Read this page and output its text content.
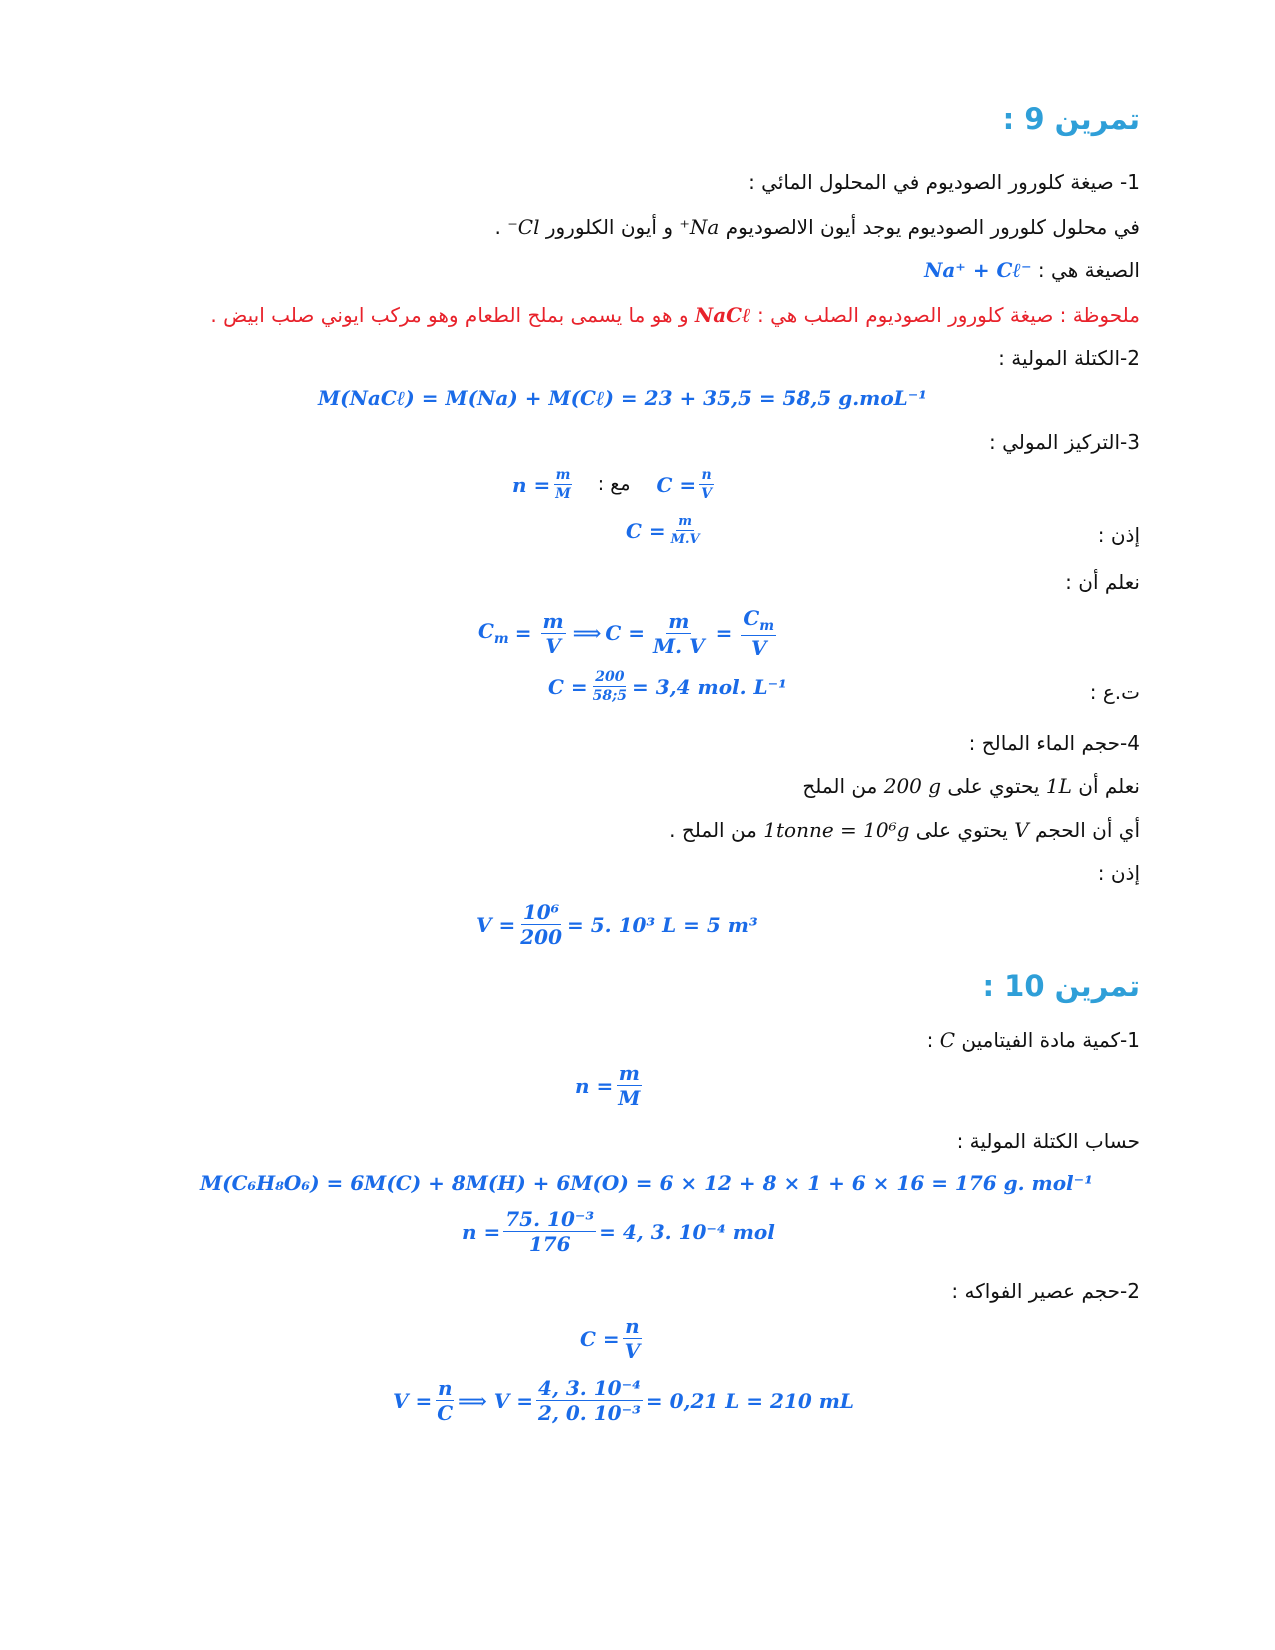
تمرين 9 :
1- صيغة كلورور الصوديوم في المحلول المائي :
في محلول كلورور الصوديوم يوجد أيون الالصوديوم Na⁺ و أيون الكلورور Cl⁻ .
الصيغة هي : Na⁺ + Cℓ⁻
ملحوظة : صيغة كلورور الصوديوم الصلب هي : NaCℓ و هو ما يسمى بملح الطعام وهو مركب ايوني صلب ابيض .
2-الكتلة المولية :
M(NaCℓ) = M(Na) + M(Cℓ) = 23 + 35,5 = 58,5 g.moL⁻¹
3-التركيز المولي :
$n = \frac{m}{M}$ مع : $C = \frac{n}{V}$
إذن :
$C = \frac{m}{M.V}$
نعلم أن :
$C_m = \frac{m}{V}$ ⟹ $C = \frac{m}{M. V} = \frac{C_m}{V}$
ت.ع :
$C = \frac{200}{58;5} = 3,4$ mol. L⁻¹
4-حجم الماء المالح :
نعلم أن 1L يحتوي على 200 g من الملح
أي أن الحجم V يحتوي على 1tonne = 10⁶g من الملح .
إذن :
$V = \frac{\text{10⁶}}{200} = 5$. 10³ L = 5 m³
تمرين 10 :
1-كمية مادة الفيتامين C :
$n = \frac{m}{M}$
حساب الكتلة المولية :
M(C₆H₈O₆) = 6M(C) + 8M(H) + 6M(O) = 6 × 12 + 8 × 1 + 6 × 16 = 176 g. mol⁻¹
$n = \frac{\text{75. 10⁻³}}{176} = 4$, 3. 10⁻⁴ mol
2-حجم عصير الفواكه :
$C = \frac{n}{V}$
$V = \frac{n}{C}$ ⟹ $V = \frac{\text{4, 3. 10⁻⁴}}{\text{2, 0. 10⁻³}} = 0,21$ L = 210 mL
